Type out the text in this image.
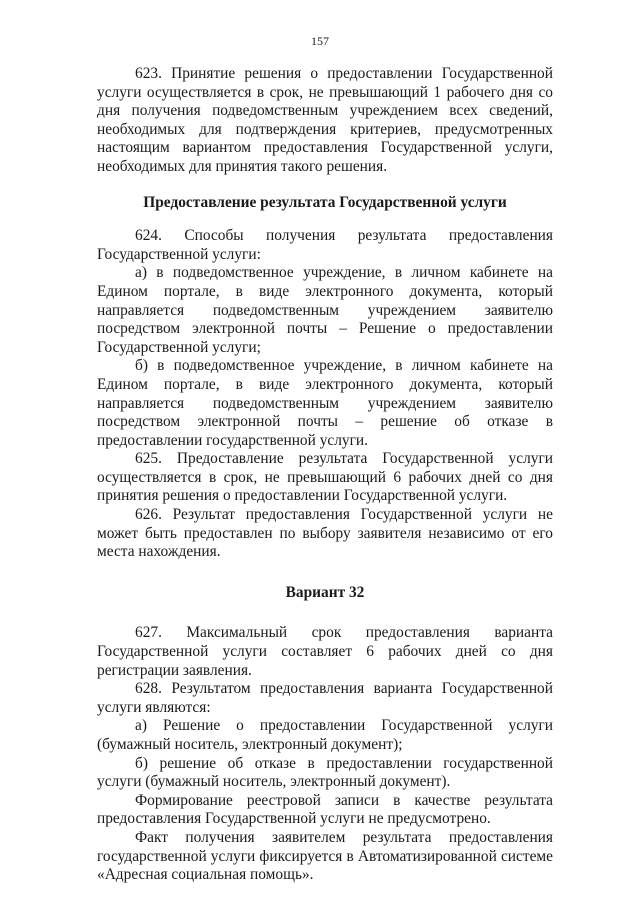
157

623. Принятие решения о предоставлении Государственной услуги осуществляется в срок, не превышающий 1 рабочего дня со дня получения подведомственным учреждением всех сведений, необходимых для подтверждения критериев, предусмотренных настоящим вариантом предоставления Государственной услуги, необходимых для принятия такого решения.

Предоставление результата Государственной услуги

624. Способы получения результата предоставления Государственной услуги:

а) в подведомственное учреждение, в личном кабинете на Едином портале, в виде электронного документа, который направляется подведомственным учреждением заявителю посредством электронной почты – Решение о предоставлении Государственной услуги;

б) в подведомственное учреждение, в личном кабинете на Едином портале, в виде электронного документа, который направляется подведомственным учреждением заявителю посредством электронной почты – решение об отказе в предоставлении государственной услуги.

625. Предоставление результата Государственной услуги осуществляется в срок, не превышающий 6 рабочих дней со дня принятия решения о предоставлении Государственной услуги.

626. Результат предоставления Государственной услуги не может быть предоставлен по выбору заявителя независимо от его места нахождения.

Вариант 32

627. Максимальный срок предоставления варианта Государственной услуги составляет 6 рабочих дней со дня регистрации заявления.

628. Результатом предоставления варианта Государственной услуги являются:

а) Решение о предоставлении Государственной услуги (бумажный носитель, электронный документ);

б) решение об отказе в предоставлении государственной услуги (бумажный носитель, электронный документ).

Формирование реестровой записи в качестве результата предоставления Государственной услуги не предусмотрено.

Факт получения заявителем результата предоставления государственной услуги фиксируется в Автоматизированной системе «Адресная социальная помощь».
